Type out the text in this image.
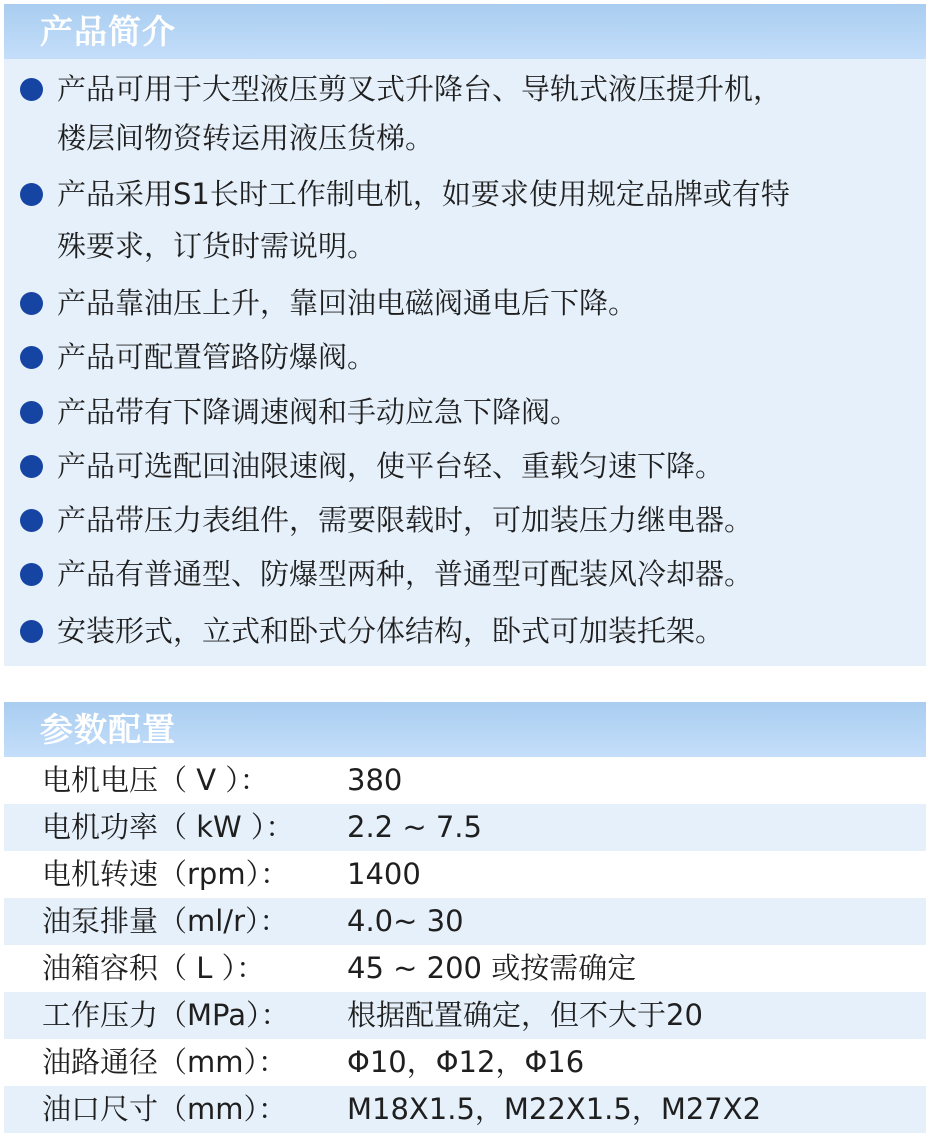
产品简介
产品可用于大型液压剪叉式升降台、导轨式液压提升机，
楼层间物资转运用液压货梯。
产品采用S1长时工作制电机，如要求使用规定品牌或有特
殊要求，订货时需说明。
产品靠油压上升，靠回油电磁阀通电后下降。
产品可配置管路防爆阀。
产品带有下降调速阀和手动应急下降阀。
产品可选配回油限速阀，使平台轻、重载匀速下降。
产品带压力表组件，需要限载时，可加装压力继电器。
产品有普通型、防爆型两种，普通型可配装风冷却器。
安装形式，立式和卧式分体结构，卧式可加装托架。
参数配置
电机电压（ V ）：	380
电机功率（ kW ）： 2.2 ~ 7.5
电机转速（rpm）： 1400
油泵排量（ml/r）： 4.0~ 30
油箱容积（ L ）：	45 ~ 200 或按需确定
工作压力（MPa）： 根据配置确定，但不大于20
油路通径（mm）： Φ10，Φ12，Φ16
油口尺寸（mm）： M18X1.5，M22X1.5，M27X2
